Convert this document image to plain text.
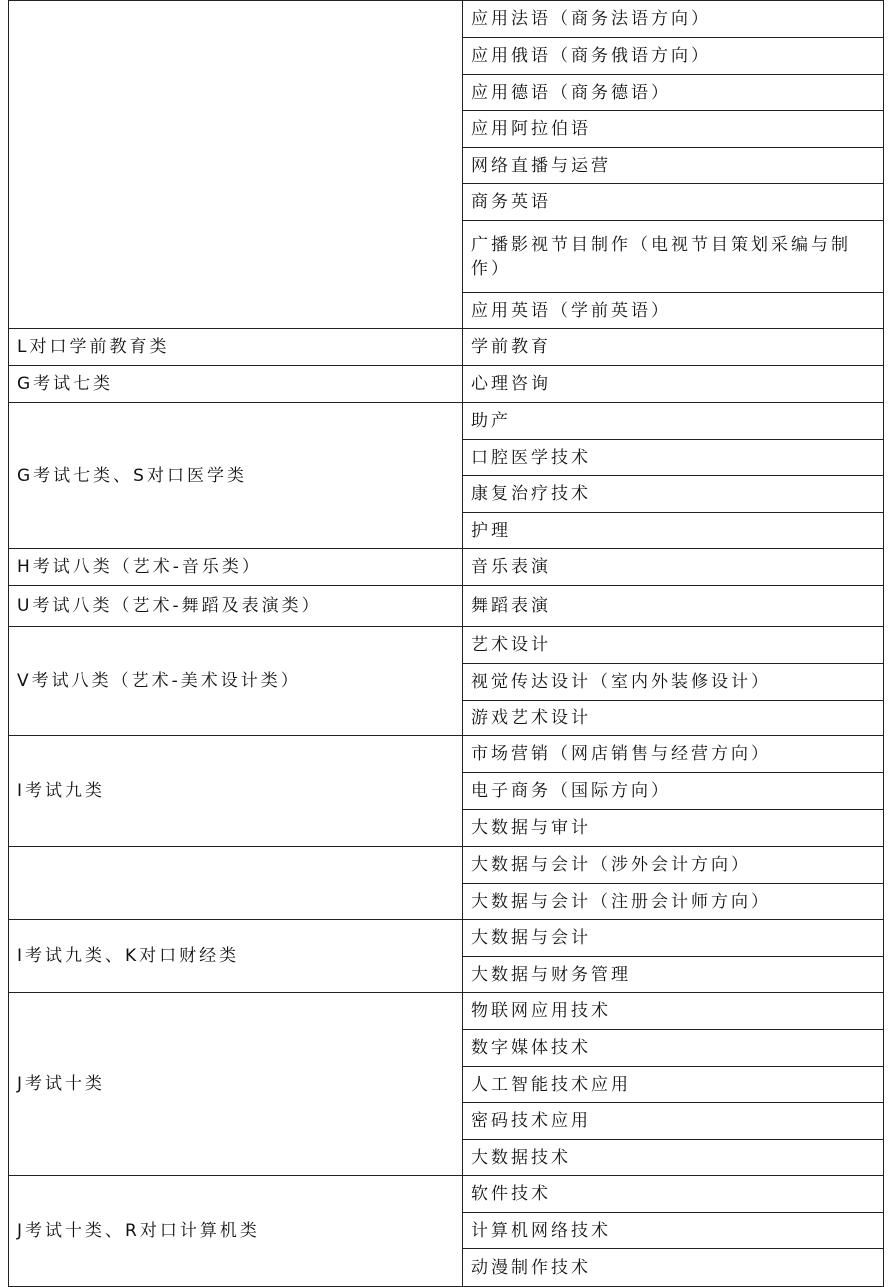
	应用法语（商务法语方向）
	应用俄语（商务俄语方向）
	应用德语（商务德语）
	应用阿拉伯语
	网络直播与运营
	商务英语
	广播影视节目制作（电视节目策划采编与制作）
	应用英语（学前英语）
L对口学前教育类	学前教育
G考试七类	心理咨询
G考试七类、S对口医学类	助产
	口腔医学技术
	康复治疗技术
	护理
H考试八类（艺术-音乐类）	音乐表演
U考试八类（艺术-舞蹈及表演类）	舞蹈表演
V考试八类（艺术-美术设计类）	艺术设计
	视觉传达设计（室内外装修设计）
	游戏艺术设计
I考试九类	市场营销（网店销售与经营方向）
	电子商务（国际方向）
	大数据与审计
	大数据与会计（涉外会计方向）
	大数据与会计（注册会计师方向）
I考试九类、K对口财经类	大数据与会计
	大数据与财务管理
J考试十类	物联网应用技术
	数字媒体技术
	人工智能技术应用
	密码技术应用
	大数据技术
J考试十类、R对口计算机类	软件技术
	计算机网络技术
	动漫制作技术
